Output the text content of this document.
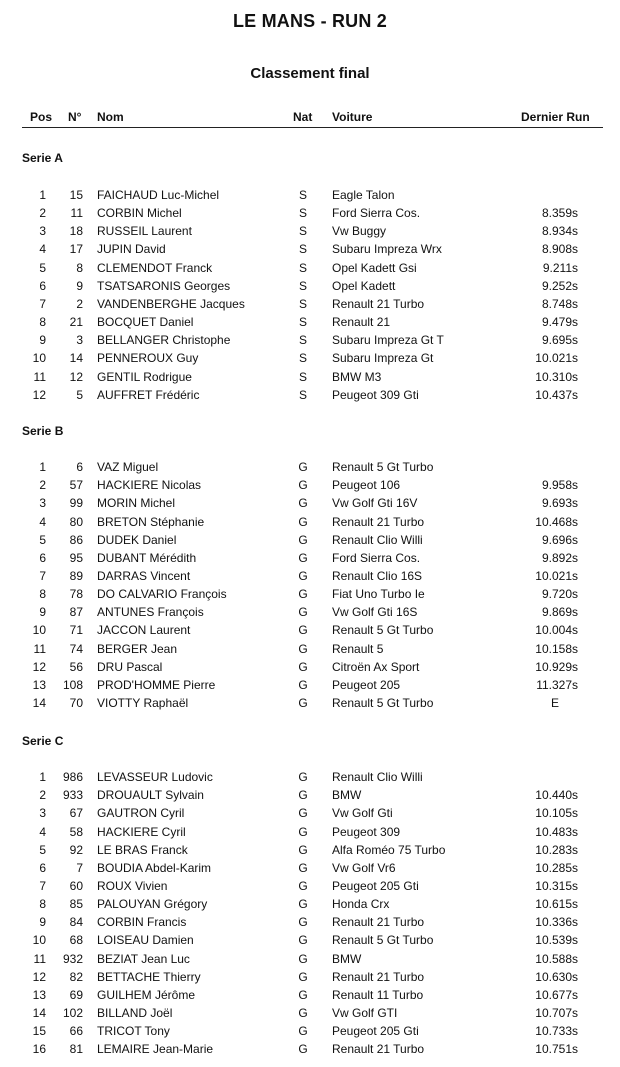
LE MANS - RUN 2
Classement final
Pos N° Nom	Nat Voiture	Dernier Run
Serie A
1	15 FAICHAUD Luc-Michel	S Eagle Talon
2	11 CORBIN Michel	S Ford Sierra Cos.	8.359s
3	18 RUSSEIL Laurent	S Vw Buggy	8.934s
4	17 JUPIN David	S Subaru Impreza Wrx	8.908s
5	8 CLEMENDOT Franck	S Opel Kadett Gsi	9.211s
6	9 TSATSARONIS Georges	S Opel Kadett	9.252s
7	2 VANDENBERGHE Jacques	S Renault 21 Turbo	8.748s
8	21 BOCQUET Daniel	S Renault 21	9.479s
9	3 BELLANGER Christophe	S Subaru Impreza Gt T	9.695s
10	14 PENNEROUX Guy	S Subaru Impreza Gt	10.021s
11	12 GENTIL Rodrigue	S BMW M3	10.310s
12	5 AUFFRET Frédéric	S Peugeot 309 Gti	10.437s
Serie B
1	6 VAZ Miguel	G Renault 5 Gt Turbo
2	57 HACKIERE Nicolas	G Peugeot 106	9.958s
3	99 MORIN Michel	G Vw Golf Gti 16V	9.693s
4	80 BRETON Stéphanie	G Renault 21 Turbo	10.468s
5	86 DUDEK Daniel	G Renault Clio Willi	9.696s
6	95 DUBANT Mérédith	G Ford Sierra Cos.	9.892s
7	89 DARRAS Vincent	G Renault Clio 16S	10.021s
8	78 DO CALVARIO François	G Fiat Uno Turbo Ie	9.720s
9	87 ANTUNES François	G Vw Golf Gti 16S	9.869s
10	71 JACCON Laurent	G Renault 5 Gt Turbo	10.004s
11	74 BERGER Jean	G Renault 5	10.158s
12	56 DRU Pascal	G Citroën Ax Sport	10.929s
13	108 PROD'HOMME Pierre	G Peugeot 205	11.327s
14	70 VIOTTY Raphaël	G Renault 5 Gt Turbo	E
Serie C
1	986 LEVASSEUR Ludovic	G Renault Clio Willi
2	933 DROUAULT Sylvain	G BMW	10.440s
3	67 GAUTRON Cyril	G Vw Golf Gti	10.105s
4	58 HACKIERE Cyril	G Peugeot 309	10.483s
5	92 LE BRAS Franck	G Alfa Roméo 75 Turbo	10.283s
6	7 BOUDIA Abdel-Karim	G Vw Golf Vr6	10.285s
7	60 ROUX Vivien	G Peugeot 205 Gti	10.315s
8	85 PALOUYAN Grégory	G Honda Crx	10.615s
9	84 CORBIN Francis	G Renault 21 Turbo	10.336s
10	68 LOISEAU Damien	G Renault 5 Gt Turbo	10.539s
11	932 BEZIAT Jean Luc	G BMW	10.588s
12	82 BETTACHE Thierry	G Renault 21 Turbo	10.630s
13	69 GUILHEM Jérôme	G Renault 11 Turbo	10.677s
14	102 BILLAND Joël	G Vw Golf GTI	10.707s
15	66 TRICOT Tony	G Peugeot 205 Gti	10.733s
16	81 LEMAIRE Jean-Marie	G Renault 21 Turbo	10.751s
